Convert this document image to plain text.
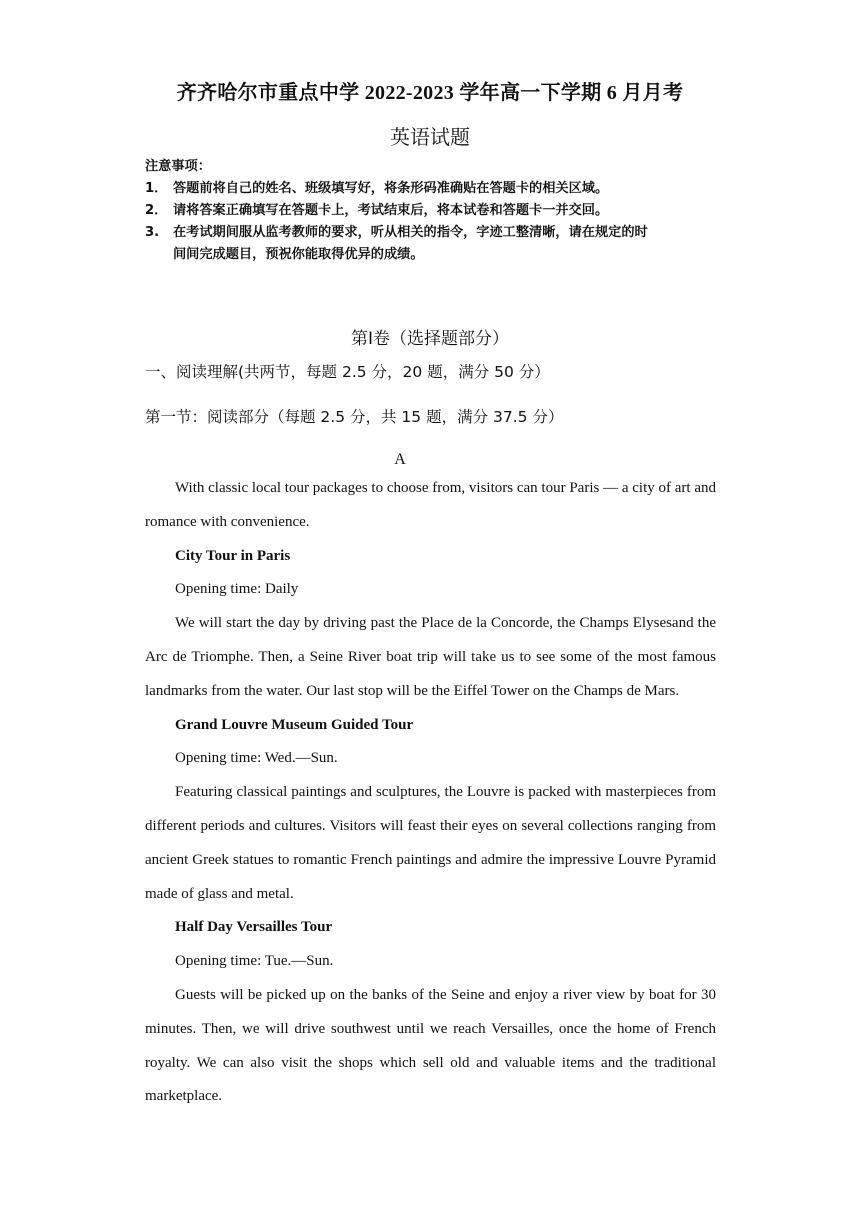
齐齐哈尔市重点中学 2022-2023 学年高一下学期 6 月月考
英语试题
注意事项：
1． 答题前将自己的姓名、班级填写好，将条形码准确贴在答题卡的相关区域。
2． 请将答案正确填写在答题卡上，考试结束后，将本试卷和答题卡一并交回。
3.	在考试期间服从监考教师的要求，听从相关的指令，字迹工整清晰，请在规定的时
间间完成题目，预祝你能取得优异的成绩。
第Ⅰ卷（选择题部分）
一、阅读理解(共两节，每题 2.5 分，20 题，满分 50 分）
第一节：阅读部分（每题 2.5 分，共 15 题，满分 37.5 分）
A

With classic local tour packages to choose from, visitors can tour Paris — a city of art and romance with convenience.

City Tour in Paris

Opening time: Daily

We will start the day by driving past the Place de la Concorde, the Champs Elysesand the Arc de Triomphe. Then, a Seine River boat trip will take us to see some of the most famous landmarks from the water. Our last stop will be the Eiffel Tower on the Champs de Mars.

Grand Louvre Museum Guided Tour

Opening time: Wed.—Sun.

Featuring classical paintings and sculptures, the Louvre is packed with masterpieces from different periods and cultures. Visitors will feast their eyes on several collections ranging from ancient Greek statues to romantic French paintings and admire the impressive Louvre Pyramid made of glass and metal.

Half Day Versailles Tour

Opening time: Tue.—Sun.

Guests will be picked up on the banks of the Seine and enjoy a river view by boat for 30 minutes. Then, we will drive southwest until we reach Versailles, once the home of French royalty. We can also visit the shops which sell old and valuable items and the traditional marketplace.
